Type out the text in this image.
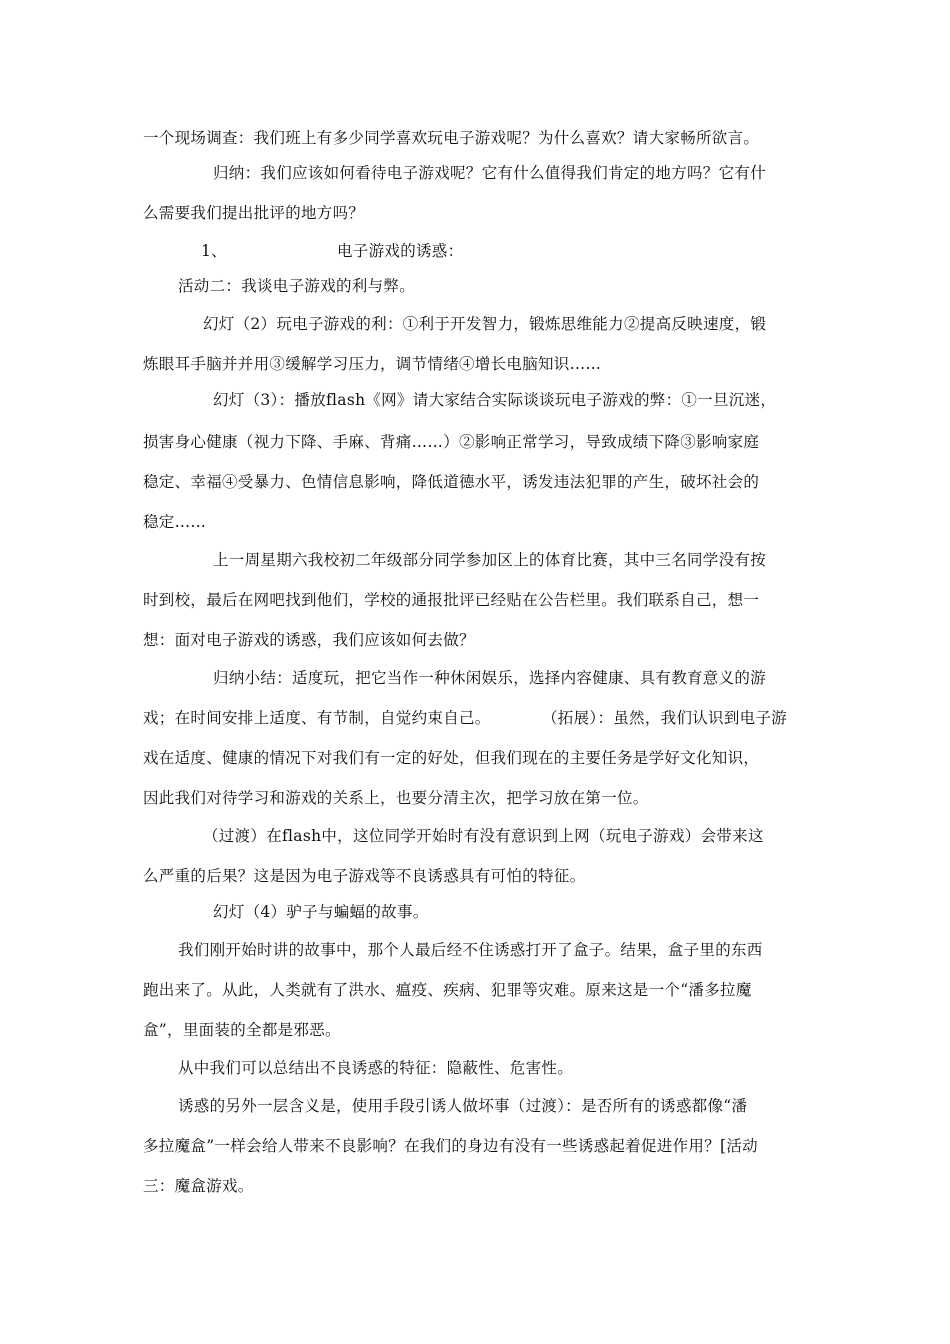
一个现场调查：我们班上有多少同学喜欢玩电子游戏呢？为什么喜欢？请大家畅所欲言。
归纳：我们应该如何看待电子游戏呢？它有什么值得我们肯定的地方吗？它有什
么需要我们提出批评的地方吗？
1、	电子游戏的诱惑：
活动二：我谈电子游戏的利与弊。
幻灯（2）玩电子游戏的利：①利于开发智力，锻炼思维能力②提高反映速度，锻
炼眼耳手脑并并用③缓解学习压力，调节情绪④增长电脑知识……
幻灯（3）：播放flash《网》请大家结合实际谈谈玩电子游戏的弊：①一旦沉迷，
损害身心健康（视力下降、手麻、背痛……）②影响正常学习，导致成绩下降③影响家庭
稳定、幸福④受暴力、色情信息影响，降低道德水平，诱发违法犯罪的产生，破坏社会的
稳定……
上一周星期六我校初二年级部分同学参加区上的体育比赛，其中三名同学没有按
时到校，最后在网吧找到他们，学校的通报批评已经贴在公告栏里。我们联系自己，想一
想：面对电子游戏的诱惑，我们应该如何去做？
归纳小结：适度玩，把它当作一种休闲娱乐，选择内容健康、具有教育意义的游
戏；在时间安排上适度、有节制，自觉约束自己。	（拓展）：虽然，我们认识到电子游
戏在适度、健康的情况下对我们有一定的好处，但我们现在的主要任务是学好文化知识，
因此我们对待学习和游戏的关系上，也要分清主次，把学习放在第一位。
（过渡）在flash中，这位同学开始时有没有意识到上网（玩电子游戏）会带来这
么严重的后果？这是因为电子游戏等不良诱惑具有可怕的特征。
幻灯（4）驴子与蝙蝠的故事。
我们刚开始时讲的故事中，那个人最后经不住诱惑打开了盒子。结果，盒子里的东西
跑出来了。从此，人类就有了洪水、瘟疫、疾病、犯罪等灾难。原来这是一个“潘多拉魔
盒”，里面装的全都是邪恶。
从中我们可以总结出不良诱惑的特征：隐蔽性、危害性。
诱惑的另外一层含义是，使用手段引诱人做坏事（过渡）：是否所有的诱惑都像“潘
多拉魔盒”一样会给人带来不良影响？在我们的身边有没有一些诱惑起着促进作用？[活动
三：魔盒游戏。
